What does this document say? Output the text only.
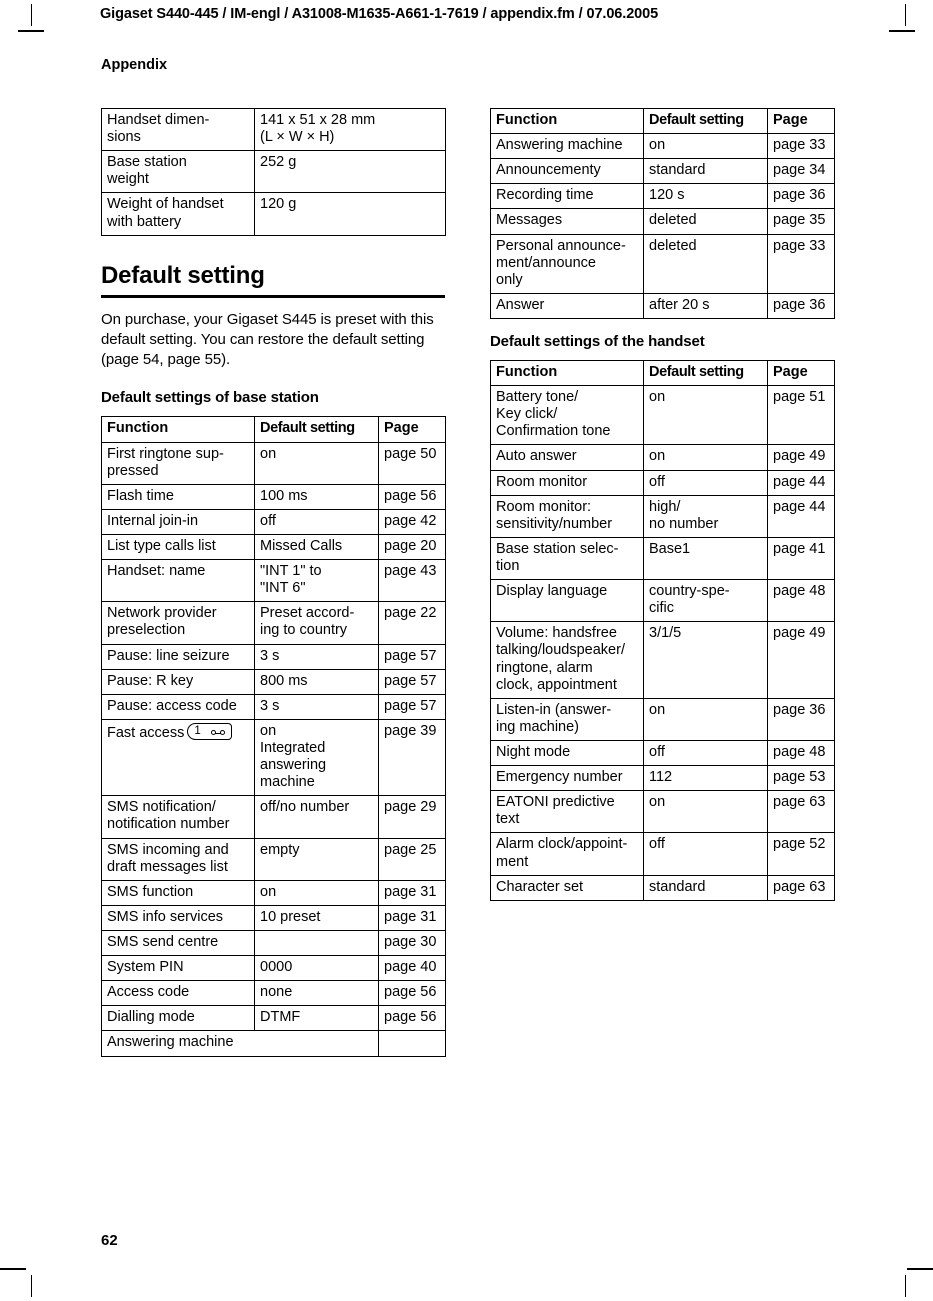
Gigaset S440-445 / IM-engl / A31008-M1635-A661-1-7619 / appendix.fm / 07.06.2005
Appendix
Handset dimen-
sions	141 x 51 x 28 mm
(L × W × H)
Base station
weight	252 g
Weight of handset
with battery	120 g
Default setting

On purchase, your Gigaset S445 is preset with this default setting. You can restore the default setting (page 54, page 55).

Default settings of base station
Function	Default setting	Page
First ringtone sup-
pressed	on	page 50
Flash time	100 ms	page 56
Internal join-in	off	page 42
List type calls list	Missed Calls	page 20
Handset: name	"INT 1" to
"INT 6"	page 43
Network provider
preselection	Preset accord-
ing to country	page 22
Pause: line seizure	3 s	page 57
Pause: R key	800 ms	page 57
Pause: access code	3 s	page 57
Fast access 1	on
Integrated
answering
machine	page 39
SMS notification/
notification number	off/no number	page 29
SMS incoming and
draft messages list	empty	page 25
SMS function	on	page 31
SMS info services	10 preset	page 31
SMS send centre		page 30
System PIN	0000	page 40
Access code	none	page 56
Dialling mode	DTMF	page 56
Answering machine		
Function	Default setting	Page
Answering machine	on	page 33
Announcementy	standard	page 34
Recording time	120 s	page 36
Messages	deleted	page 35
Personal announce-
ment/announce
only	deleted	page 33
Answer	after 20 s	page 36
Default settings of the handset
Function	Default setting	Page
Battery tone/
Key click/
Confirmation tone	on	page 51
Auto answer	on	page 49
Room monitor	off	page 44
Room monitor:
sensitivity/number	high/
no number	page 44
Base station selec-
tion	Base1	page 41
Display language	country-spe-
cific	page 48
Volume: handsfree
talking/loudspeaker/
ringtone, alarm
clock, appointment	3/1/5	page 49
Listen-in (answer-
ing machine)	on	page 36
Night mode	off	page 48
Emergency number	112	page 53
EATONI predictive
text	on	page 63
Alarm clock/appoint-
ment	off	page 52
Character set	standard	page 63
62
